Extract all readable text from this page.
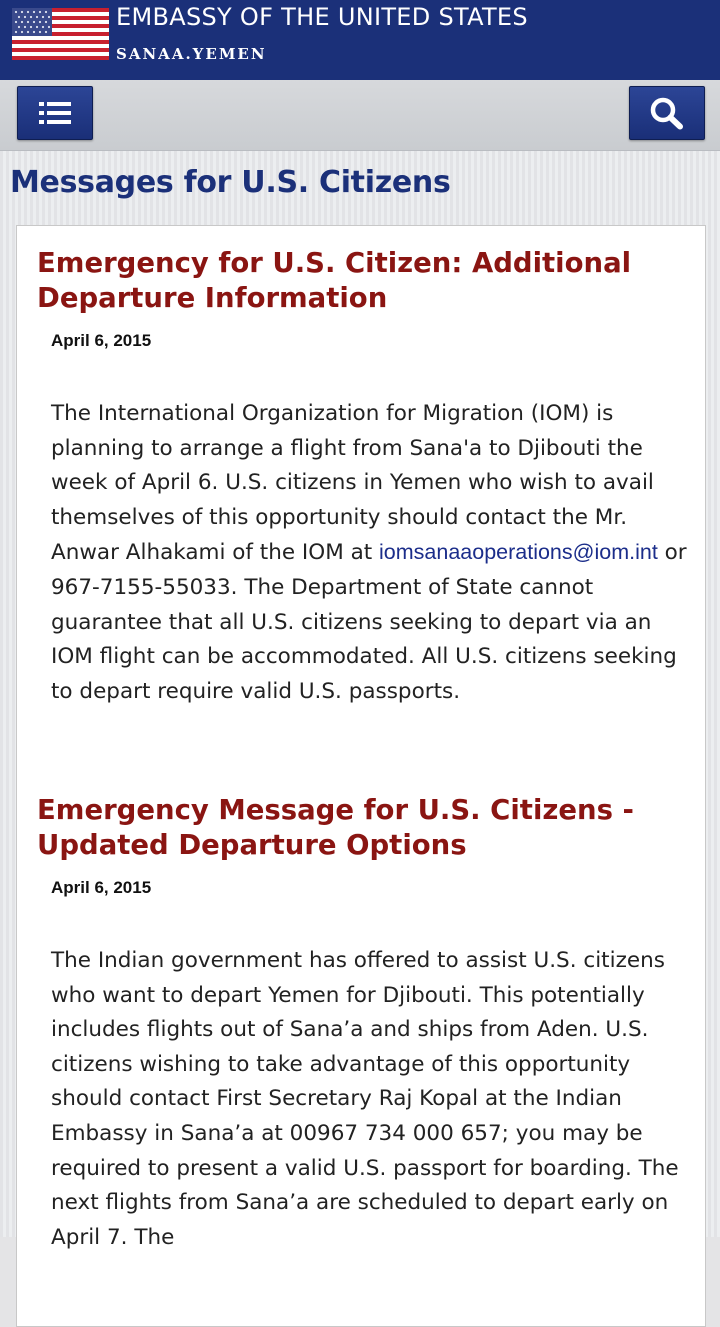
EMBASSY OF THE UNITED STATES
SANAA.YEMEN
Messages for U.S. Citizens
Emergency for U.S. Citizen: Additional Departure Information
April 6, 2015

The International Organization for Migration (IOM) is planning to arrange a flight from Sana'a to Djibouti the week of April 6. U.S. citizens in Yemen who wish to avail themselves of this opportunity should contact the Mr. Anwar Alhakami of the IOM at iomsanaaoperations@iom.int or 967-7155-55033. The Department of State cannot guarantee that all U.S. citizens seeking to depart via an IOM flight can be accommodated. All U.S. citizens seeking to depart require valid U.S. passports.

Emergency Message for U.S. Citizens - Updated Departure Options
April 6, 2015

The Indian government has offered to assist U.S. citizens who want to depart Yemen for Djibouti. This potentially includes flights out of Sana’a and ships from Aden. U.S. citizens wishing to take advantage of this opportunity should contact First Secretary Raj Kopal at the Indian Embassy in Sana’a at 00967 734 000 657; you may be required to present a valid U.S. passport for boarding. The next flights from Sana’a are scheduled to depart early on April 7. The
